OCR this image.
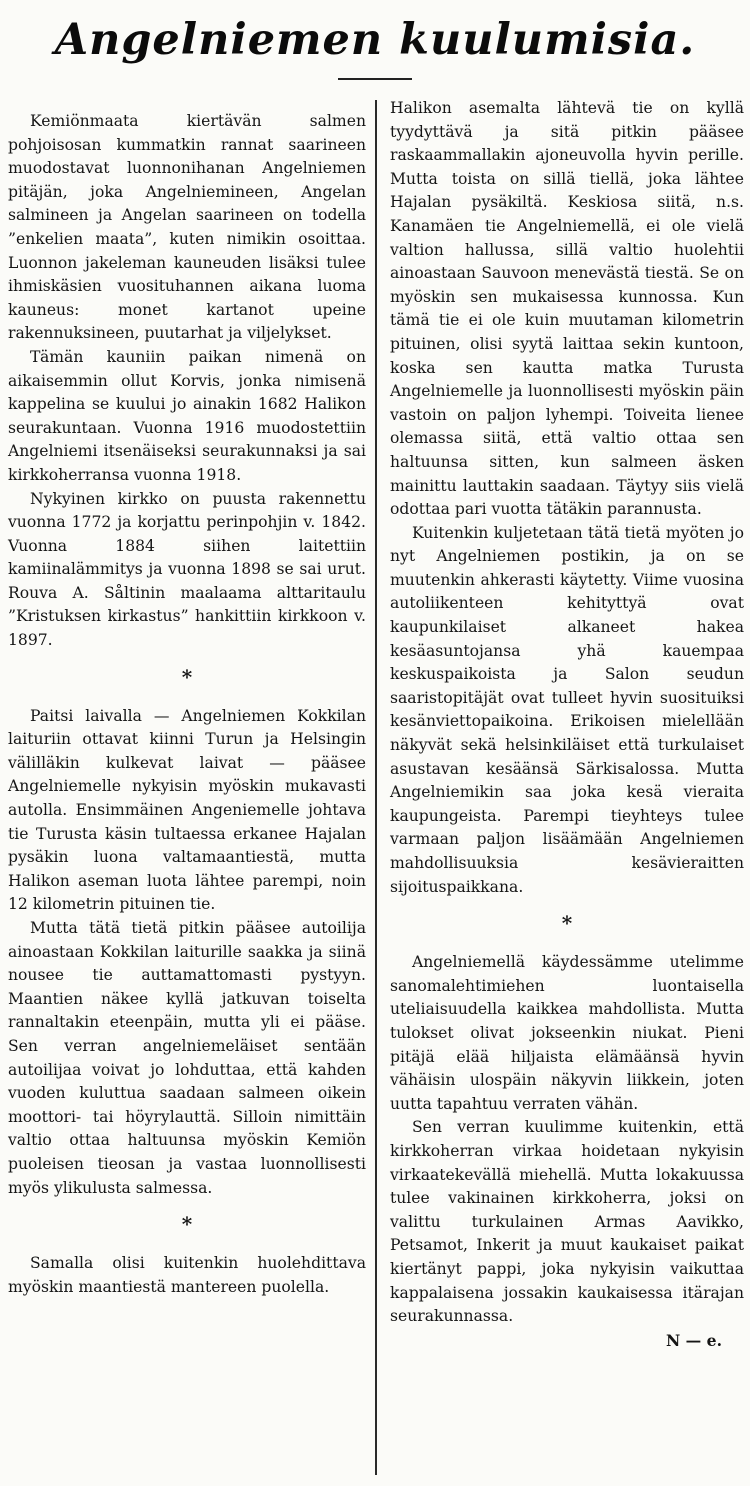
Angelniemen kuulumisia.

Kemiönmaata kiertävän salmen pohjoisosan kummatkin rannat saarineen muodostavat luonnonihanan Angelniemen pitäjän, joka Angelniemineen, Angelan salmineen ja Angelan saarineen on todella ”enkelien maata”, kuten nimikin osoittaa. Luonnon jakeleman kauneuden lisäksi tulee ihmiskäsien vuosituhannen aikana luoma kauneus: monet kartanot upeine rakennuksineen, puutarhat ja viljelykset.

Tämän kauniin paikan nimenä on aikaisemmin ollut Korvis, jonka nimisenä kappelina se kuului jo ainakin 1682 Halikon seurakuntaan. Vuonna 1916 muodostettiin Angelniemi itsenäiseksi seurakunnaksi ja sai kirkkoherransa vuonna 1918.

Nykyinen kirkko on puusta rakennettu vuonna 1772 ja korjattu perinpohjin v. 1842. Vuonna 1884 siihen laitettiin kamiinalämmitys ja vuonna 1898 se sai urut. Rouva A. Såltinin maalaama alttaritaulu ”Kristuksen kirkastus” hankittiin kirkkoon v. 1897.

*

Paitsi laivalla — Angelniemen Kokkilan laituriin ottavat kiinni Turun ja Helsingin välilläkin kulkevat laivat — pääsee Angelniemelle nykyisin myöskin mukavasti autolla. Ensimmäinen Angeniemelle johtava tie Turusta käsin tultaessa erkanee Hajalan pysäkin luona valtamaantiestä, mutta Halikon aseman luota lähtee parempi, noin 12 kilometrin pituinen tie.

Mutta tätä tietä pitkin pääsee autoilija ainoastaan Kokkilan laiturille saakka ja siinä nousee tie auttamattomasti pystyyn. Maantien näkee kyllä jatkuvan toiselta rannaltakin eteenpäin, mutta yli ei pääse. Sen verran angelniemeläiset sentään autoilijaa voivat jo lohduttaa, että kahden vuoden kuluttua saadaan salmeen oikein moottori- tai höyrylauttä. Silloin nimittäin valtio ottaa haltuunsa myöskin Kemiön puoleisen tieosan ja vastaa luonnollisesti myös ylikulusta salmessa.

*

Samalla olisi kuitenkin huolehdittava myöskin maantiestä mantereen puolella.

Halikon asemalta lähtevä tie on kyllä tyydyttävä ja sitä pitkin pääsee raskaammallakin ajoneuvolla hyvin perille. Mutta toista on sillä tiellä, joka lähtee Hajalan pysäkiltä. Keskiosa siitä, n.s. Kanamäen tie Angelniemellä, ei ole vielä valtion hallussa, sillä valtio huolehtii ainoastaan Sauvoon menevästä tiestä. Se on myöskin sen mukaisessa kunnossa. Kun tämä tie ei ole kuin muutaman kilometrin pituinen, olisi syytä laittaa sekin kuntoon, koska sen kautta matka Turusta Angelniemelle ja luonnollisesti myöskin päin vastoin on paljon lyhempi. Toiveita lienee olemassa siitä, että valtio ottaa sen haltuunsa sitten, kun salmeen äsken mainittu lauttakin saadaan. Täytyy siis vielä odottaa pari vuotta tätäkin parannusta.

Kuitenkin kuljetetaan tätä tietä myöten jo nyt Angelniemen postikin, ja on se muutenkin ahkerasti käytetty. Viime vuosina autoliikenteen kehityttyä ovat kaupunkilaiset alkaneet hakea kesäasuntojansa yhä kauempaa keskuspaikoista ja Salon seudun saaristopitäjät ovat tulleet hyvin suosituiksi kesänviettopaikoina. Erikoisen mielellään näkyvät sekä helsinkiläiset että turkulaiset asustavan kesäänsä Särkisalossa. Mutta Angelniemikin saa joka kesä vieraita kaupungeista. Parempi tieyhteys tulee varmaan paljon lisäämään Angelniemen mahdollisuuksia kesävieraitten sijoituspaikkana.

*

Angelniemellä käydessämme utelimme sanomalehtimiehen luontaisella uteliaisuudella kaikkea mahdollista. Mutta tulokset olivat jokseenkin niukat. Pieni pitäjä elää hiljaista elämäänsä hyvin vähäisin ulospäin näkyvin liikkein, joten uutta tapahtuu verraten vähän.

Sen verran kuulimme kuitenkin, että kirkkoherran virkaa hoidetaan nykyisin virkaatekevällä miehellä. Mutta lokakuussa tulee vakinainen kirkkoherra, joksi on valittu turkulainen Armas Aavikko, Petsamot, Inkerit ja muut kaukaiset paikat kiertänyt pappi, joka nykyisin vaikuttaa kappalaisena jossakin kaukaisessa itärajan seurakunnassa.

N — e.
